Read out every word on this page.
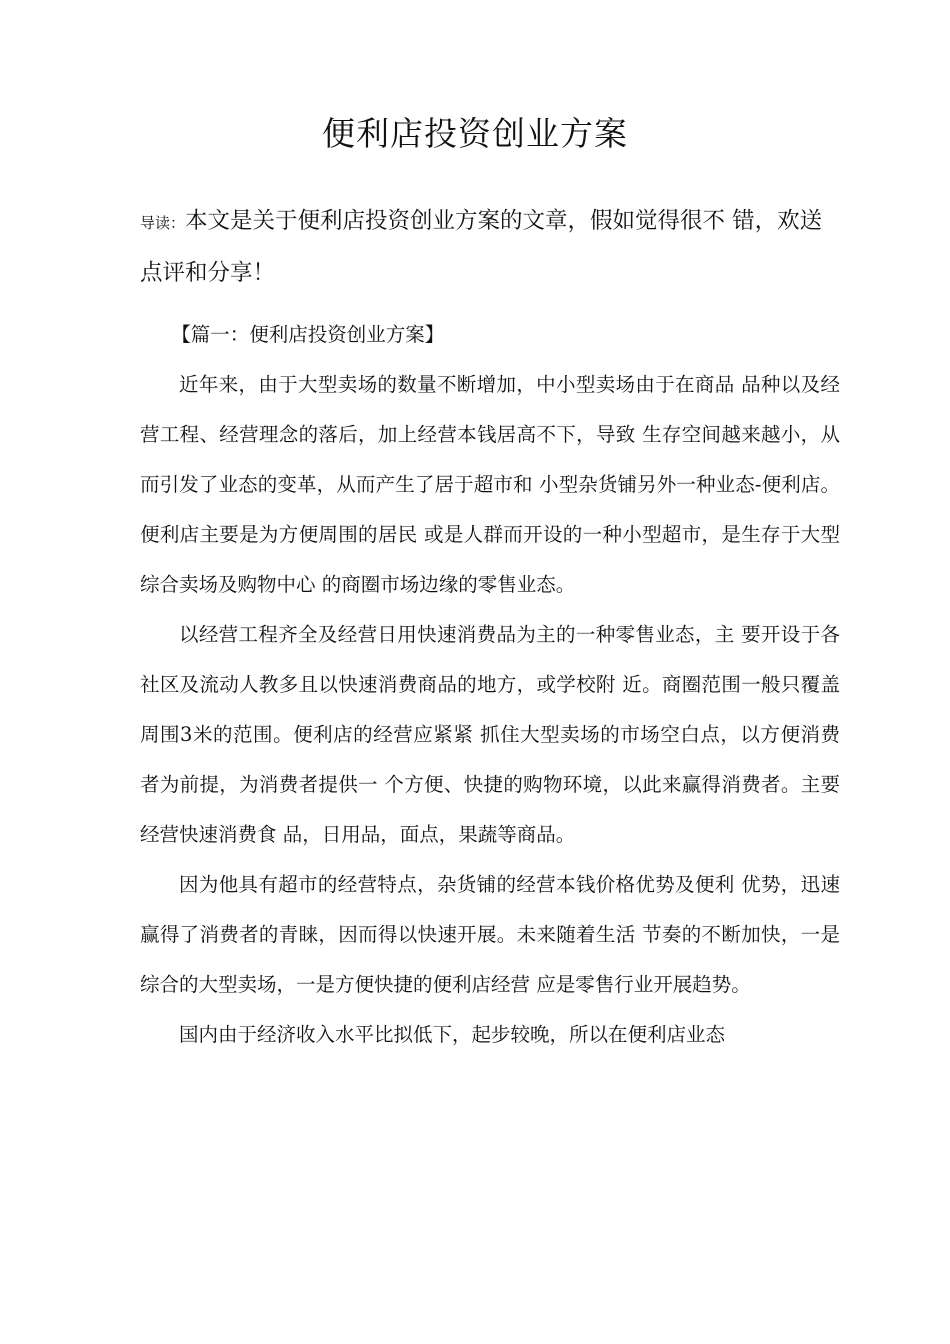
便利店投资创业方案
导读：本文是关于便利店投资创业方案的文章，假如觉得很不 错，欢送点评和分享！

【篇一：便利店投资创业方案】

近年来，由于大型卖场的数量不断增加，中小型卖场由于在商品 品种以及经营工程、经营理念的落后，加上经营本钱居高不下，导致 生存空间越来越小，从而引发了业态的变革，从而产生了居于超市和 小型杂货铺另外一种业态-便利店。便利店主要是为方便周围的居民 或是人群而开设的一种小型超市，是生存于大型综合卖场及购物中心 的商圈市场边缘的零售业态。

以经营工程齐全及经营日用快速消费品为主的一种零售业态，主 要开设于各社区及流动人教多且以快速消费商品的地方，或学校附 近。商圈范围一般只覆盖周围3米的范围。便利店的经营应紧紧 抓住大型卖场的市场空白点，以方便消费者为前提，为消费者提供一 个方便、快捷的购物环境，以此来赢得消费者。主要经营快速消费食 品，日用品，面点，果蔬等商品。

因为他具有超市的经营特点，杂货铺的经营本钱价格优势及便利 优势，迅速赢得了消费者的青睐，因而得以快速开展。未来随着生活 节奏的不断加快，一是综合的大型卖场，一是方便快捷的便利店经营 应是零售行业开展趋势。

国内由于经济收入水平比拟低下，起步较晚，所以在便利店业态
